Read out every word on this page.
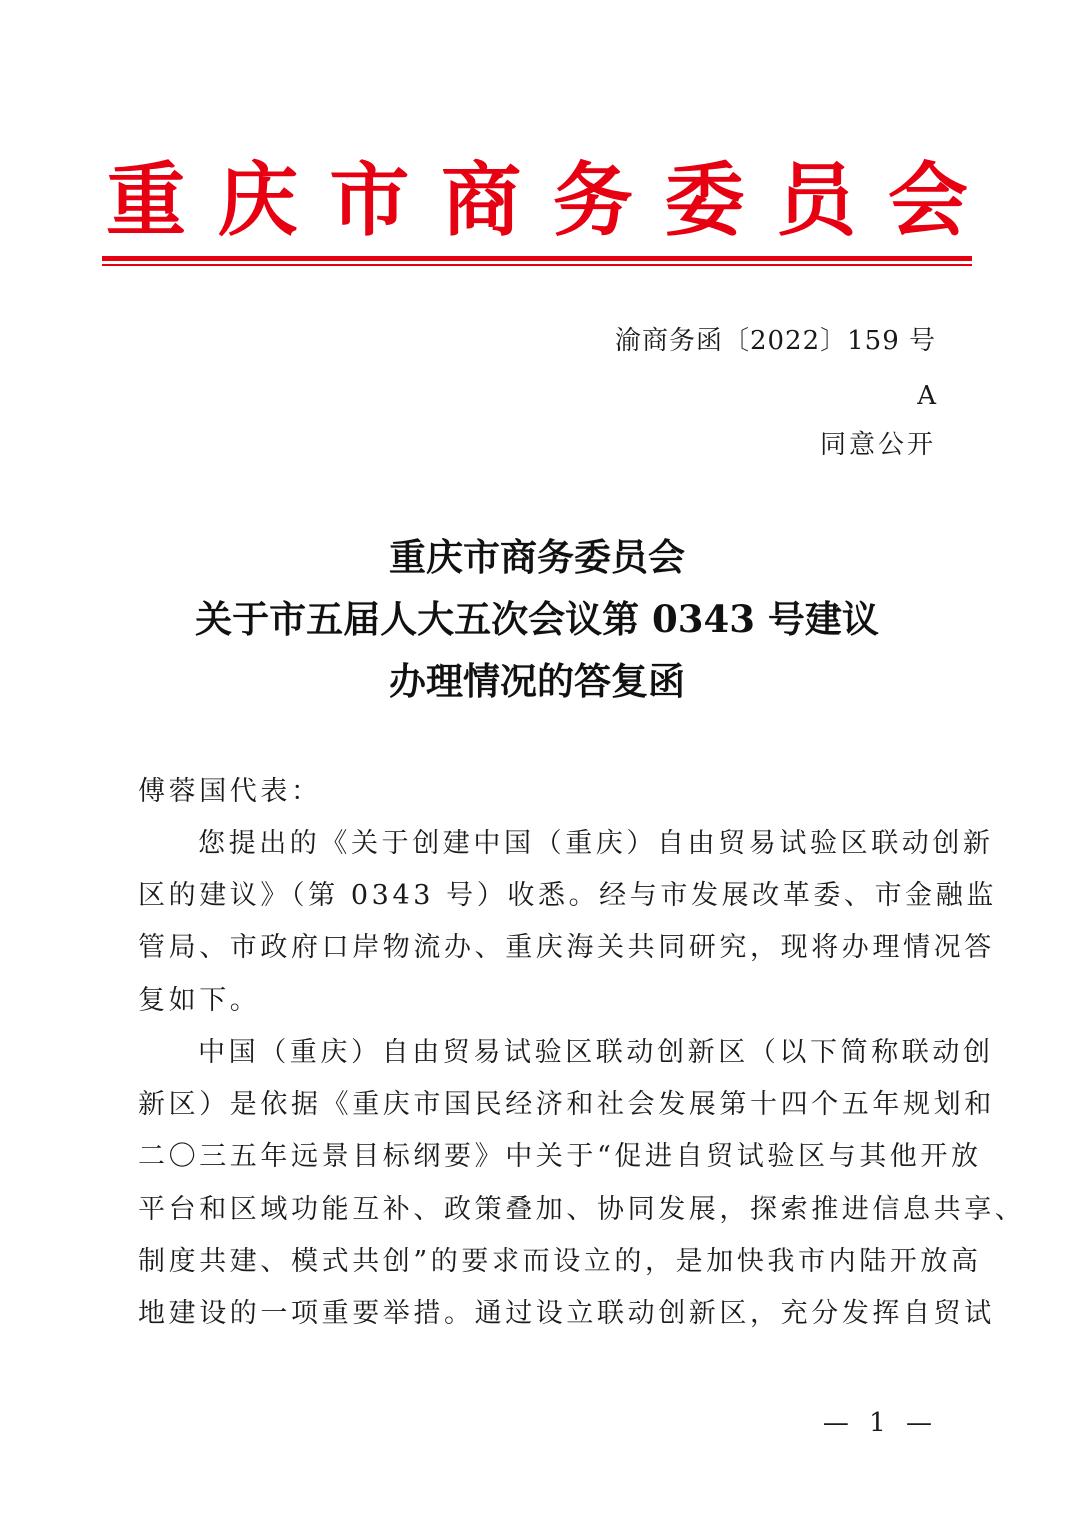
重 庆 市 商 务 委 员 会
渝商务函〔2022〕159 号
A
同意公开
重庆市商务委员会
关于市五届人大五次会议第 0343 号建议
办理情况的答复函
傅蓉国代表：
您提出的《关于创建中国（重庆）自由贸易试验区联动创新
区的建议》（第 0343 号）收悉。经与市发展改革委、市金融监
管局、市政府口岸物流办、重庆海关共同研究，现将办理情况答
复如下。
中国（重庆）自由贸易试验区联动创新区（以下简称联动创
新区）是依据《重庆市国民经济和社会发展第十四个五年规划和
二〇三五年远景目标纲要》中关于“促进自贸试验区与其他开放
平台和区域功能互补、政策叠加、协同发展，探索推进信息共享、
制度共建、模式共创”的要求而设立的，是加快我市内陆开放高
地建设的一项重要举措。通过设立联动创新区，充分发挥自贸试
— 1 —
